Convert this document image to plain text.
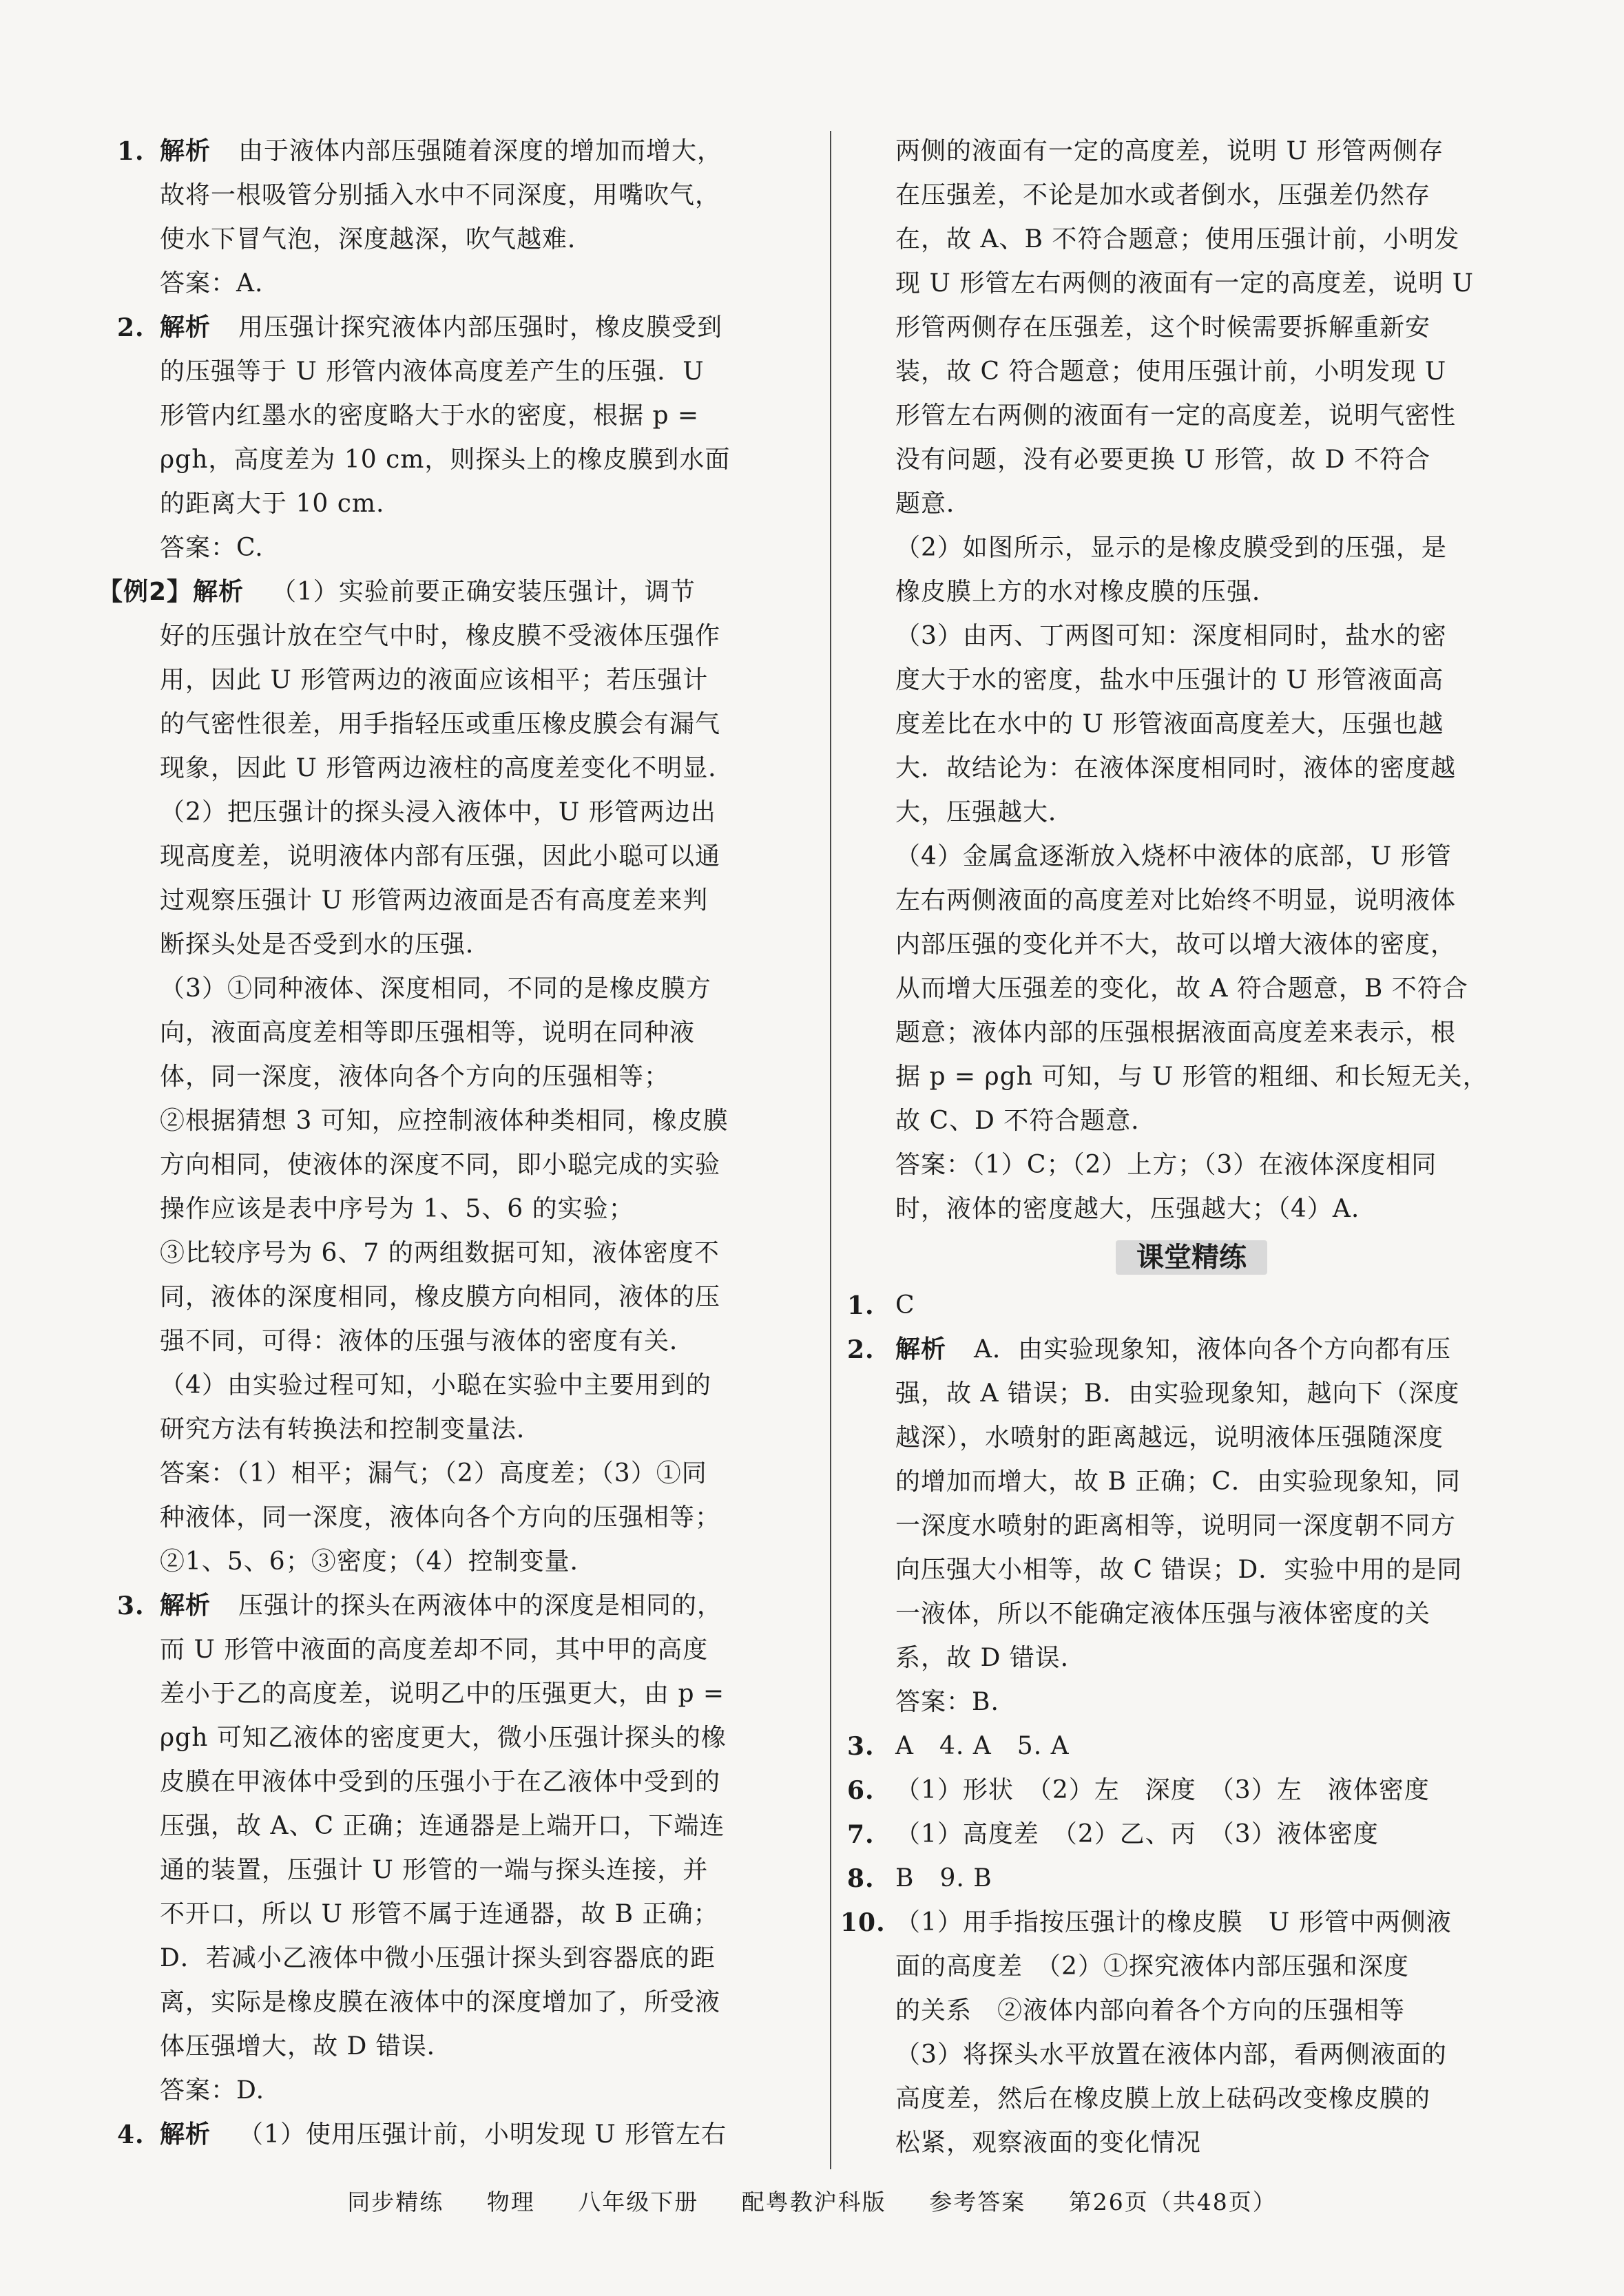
1. 解析 由于液体内部压强随着深度的增加而增大，
故将一根吸管分别插入水中不同深度，用嘴吹气，
使水下冒气泡，深度越深，吹气越难．
答案：A.
2. 解析 用压强计探究液体内部压强时，橡皮膜受到
的压强等于 U 形管内液体高度差产生的压强．U
形管内红墨水的密度略大于水的密度，根据 p =
ρgh，高度差为 10 cm，则探头上的橡皮膜到水面
的距离大于 10 cm.
答案：C.
【例2】 解析 （1）实验前要正确安装压强计，调节
好的压强计放在空气中时，橡皮膜不受液体压强作
用，因此 U 形管两边的液面应该相平；若压强计
的气密性很差，用手指轻压或重压橡皮膜会有漏气
现象，因此 U 形管两边液柱的高度差变化不明显．
（2）把压强计的探头浸入液体中，U 形管两边出
现高度差，说明液体内部有压强，因此小聪可以通
过观察压强计 U 形管两边液面是否有高度差来判
断探头处是否受到水的压强．
（3）①同种液体、深度相同，不同的是橡皮膜方
向，液面高度差相等即压强相等，说明在同种液
体，同一深度，液体向各个方向的压强相等；
②根据猜想 3 可知，应控制液体种类相同，橡皮膜
方向相同，使液体的深度不同，即小聪完成的实验
操作应该是表中序号为 1、5、6 的实验；
③比较序号为 6、7 的两组数据可知，液体密度不
同，液体的深度相同，橡皮膜方向相同，液体的压
强不同，可得：液体的压强与液体的密度有关．
（4）由实验过程可知，小聪在实验中主要用到的
研究方法有转换法和控制变量法．
答案：（1）相平；漏气；（2）高度差；（3）①同
种液体，同一深度，液体向各个方向的压强相等；
②1、5、6；③密度；（4）控制变量．
3. 解析 压强计的探头在两液体中的深度是相同的，
而 U 形管中液面的高度差却不同，其中甲的高度
差小于乙的高度差，说明乙中的压强更大，由 p =
ρgh 可知乙液体的密度更大，微小压强计探头的橡
皮膜在甲液体中受到的压强小于在乙液体中受到的
压强，故 A、C 正确；连通器是上端开口，下端连
通的装置，压强计 U 形管的一端与探头连接，并
不开口，所以 U 形管不属于连通器，故 B 正确；
D．若减小乙液体中微小压强计探头到容器底的距
离，实际是橡皮膜在液体中的深度增加了，所受液
体压强增大，故 D 错误．
答案：D.
4. 解析 （1）使用压强计前，小明发现 U 形管左右
两侧的液面有一定的高度差，说明 U 形管两侧存
在压强差，不论是加水或者倒水，压强差仍然存
在，故 A、B 不符合题意；使用压强计前，小明发
现 U 形管左右两侧的液面有一定的高度差，说明 U
形管两侧存在压强差，这个时候需要拆解重新安
装，故 C 符合题意；使用压强计前，小明发现 U
形管左右两侧的液面有一定的高度差，说明气密性
没有问题，没有必要更换 U 形管，故 D 不符合
题意．
（2）如图所示，显示的是橡皮膜受到的压强，是
橡皮膜上方的水对橡皮膜的压强．
（3）由丙、丁两图可知：深度相同时，盐水的密
度大于水的密度，盐水中压强计的 U 形管液面高
度差比在水中的 U 形管液面高度差大，压强也越
大．故结论为：在液体深度相同时，液体的密度越
大，压强越大．
（4）金属盒逐渐放入烧杯中液体的底部，U 形管
左右两侧液面的高度差对比始终不明显，说明液体
内部压强的变化并不大，故可以增大液体的密度，
从而增大压强差的变化，故 A 符合题意，B 不符合
题意；液体内部的压强根据液面高度差来表示，根
据 p = ρgh 可知，与 U 形管的粗细、和长短无关，
故 C、D 不符合题意．
答案：（1）C；（2）上方；（3）在液体深度相同
时，液体的密度越大，压强越大；（4）A.
课堂精练
1. C
2. 解析 A．由实验现象知，液体向各个方向都有压
强，故 A 错误；B．由实验现象知，越向下（深度
越深），水喷射的距离越远，说明液体压强随深度
的增加而增大，故 B 正确；C．由实验现象知，同
一深度水喷射的距离相等，说明同一深度朝不同方
向压强大小相等，故 C 错误；D．实验中用的是同
一液体，所以不能确定液体压强与液体密度的关
系，故 D 错误．
答案：B.
3. A　4. A　5. A
6. （1）形状　（2）左　深度　（3）左　液体密度
7. （1）高度差　（2）乙、丙　（3）液体密度
8. B　9. B
10. （1）用手指按压强计的橡皮膜　U 形管中两侧液
面的高度差　（2）①探究液体内部压强和深度
的关系　②液体内部向着各个方向的压强相等
（3）将探头水平放置在液体内部，看两侧液面的
高度差，然后在橡皮膜上放上砝码改变橡皮膜的
松紧，观察液面的变化情况
同步精练 物理 八年级下册 配粤教沪科版 参考答案 第26页（共48页）
